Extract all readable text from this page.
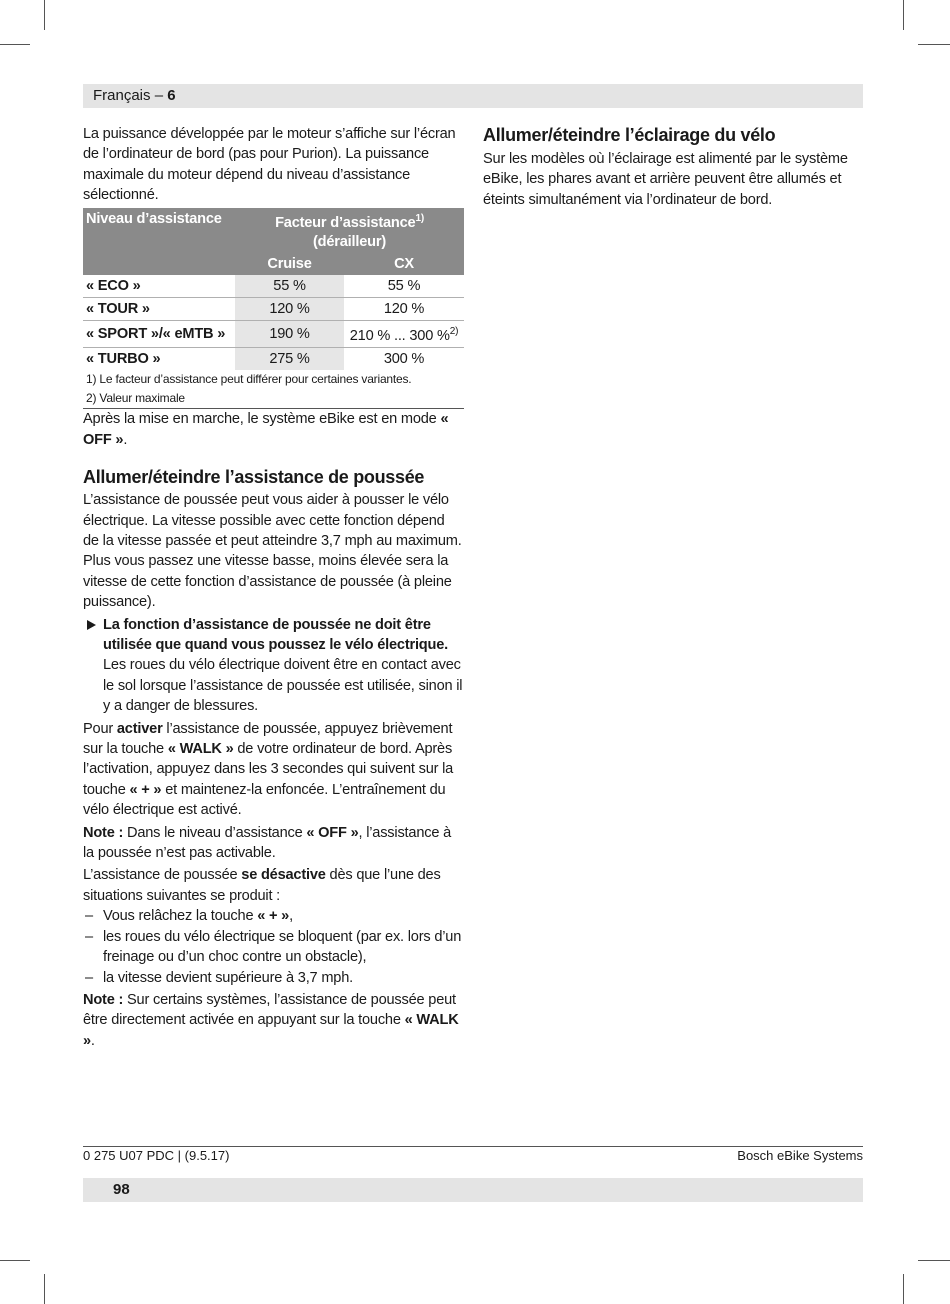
Français – 6

La puissance développée par le moteur s’affiche sur l’écran de l’ordinateur de bord (pas pour Purion). La puissance maximale du moteur dépend du niveau d’assistance sélectionné.

Niveau d’assistance	Facteur d’assistance$^{1)}$
(dérailleur)	
	Cruise	CX
« ECO »	55 %	55 %
« TOUR »	120 %	120 %
« SPORT »/« eMTB »	190 %	210 % ... 300 %$^{2)}$
« TURBO »	275 %	300 %
1) Le facteur d’assistance peut différer pour certaines variantes.
2) Valeur maximale

Après la mise en marche, le système eBike est en mode « OFF ».

Allumer/éteindre l’assistance de poussée

L’assistance de poussée peut vous aider à pousser le vélo électrique. La vitesse possible avec cette fonction dépend de la vitesse passée et peut atteindre 3,7 mph au maximum. Plus vous passez une vitesse basse, moins élevée sera la vitesse de cette fonction d’assistance de poussée (à pleine puissance).

La fonction d’assistance de poussée ne doit être utilisée que quand vous poussez le vélo électrique. Les roues du vélo électrique doivent être en contact avec le sol lorsque l’assistance de poussée est utilisée, sinon il y a danger de blessures.

Pour activer l’assistance de poussée, appuyez brièvement sur la touche « WALK » de votre ordinateur de bord. Après l’activation, appuyez dans les 3 secondes qui suivent sur la touche « + » et maintenez-la enfoncée. L’entraînement du vélo électrique est activé.

Note : Dans le niveau d’assistance « OFF », l’assistance à la poussée n’est pas activable.

L’assistance de poussée se désactive dès que l’une des situations suivantes se produit :

– Vous relâchez la touche « + »,

– les roues du vélo électrique se bloquent (par ex. lors d’un freinage ou d’un choc contre un obstacle),

– la vitesse devient supérieure à 3,7 mph.

Note : Sur certains systèmes, l’assistance de poussée peut être directement activée en appuyant sur la touche « WALK ».

Allumer/éteindre l’éclairage du vélo

Sur les modèles où l’éclairage est alimenté par le système eBike, les phares avant et arrière peuvent être allumés et éteints simultanément via l’ordinateur de bord.

0 275 U07 PDC | (9.5.17)	Bosch eBike Systems
98
